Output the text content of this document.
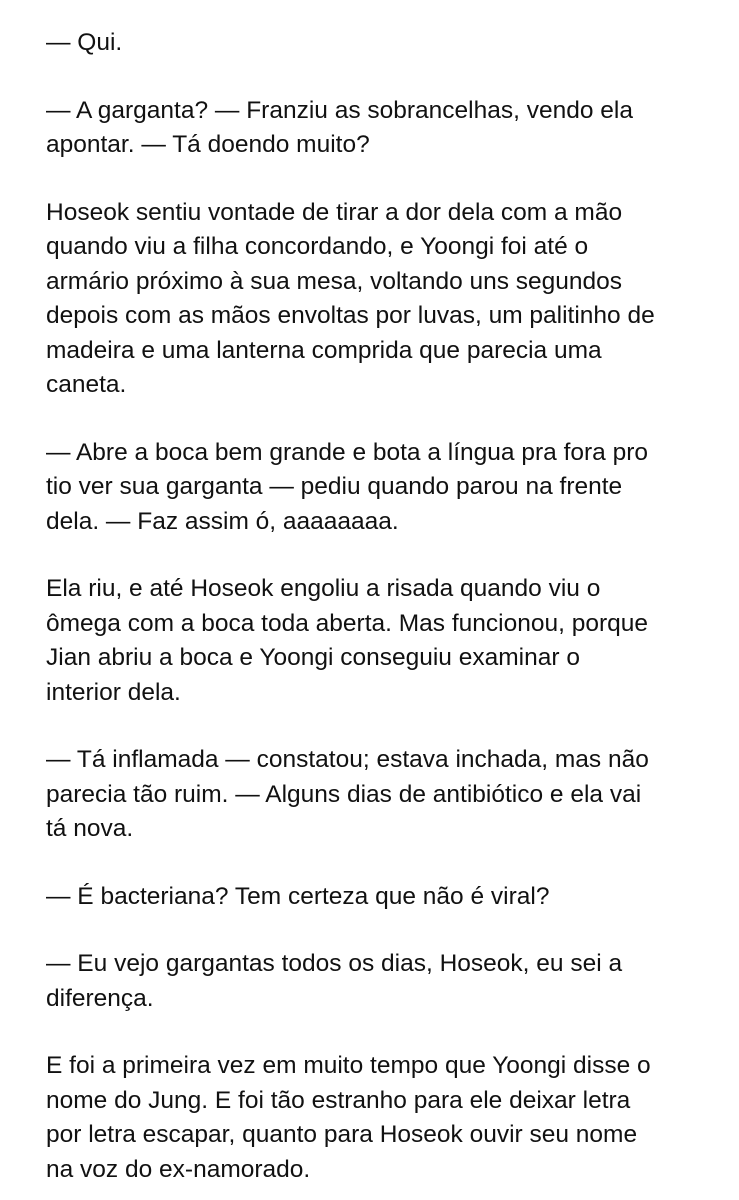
— Qui.

— A garganta? — Franziu as sobrancelhas, vendo ela
apontar. — Tá doendo muito?

Hoseok sentiu vontade de tirar a dor dela com a mão
quando viu a filha concordando, e Yoongi foi até o
armário próximo à sua mesa, voltando uns segundos
depois com as mãos envoltas por luvas, um palitinho de
madeira e uma lanterna comprida que parecia uma
caneta.

— Abre a boca bem grande e bota a língua pra fora pro
tio ver sua garganta — pediu quando parou na frente
dela. — Faz assim ó, aaaaaaaa.

Ela riu, e até Hoseok engoliu a risada quando viu o
ômega com a boca toda aberta. Mas funcionou, porque
Jian abriu a boca e Yoongi conseguiu examinar o
interior dela.

— Tá inflamada — constatou; estava inchada, mas não
parecia tão ruim. — Alguns dias de antibiótico e ela vai
tá nova.

— É bacteriana? Tem certeza que não é viral?

— Eu vejo gargantas todos os dias, Hoseok, eu sei a
diferença.

E foi a primeira vez em muito tempo que Yoongi disse o
nome do Jung. E foi tão estranho para ele deixar letra
por letra escapar, quanto para Hoseok ouvir seu nome
na voz do ex-namorado.
